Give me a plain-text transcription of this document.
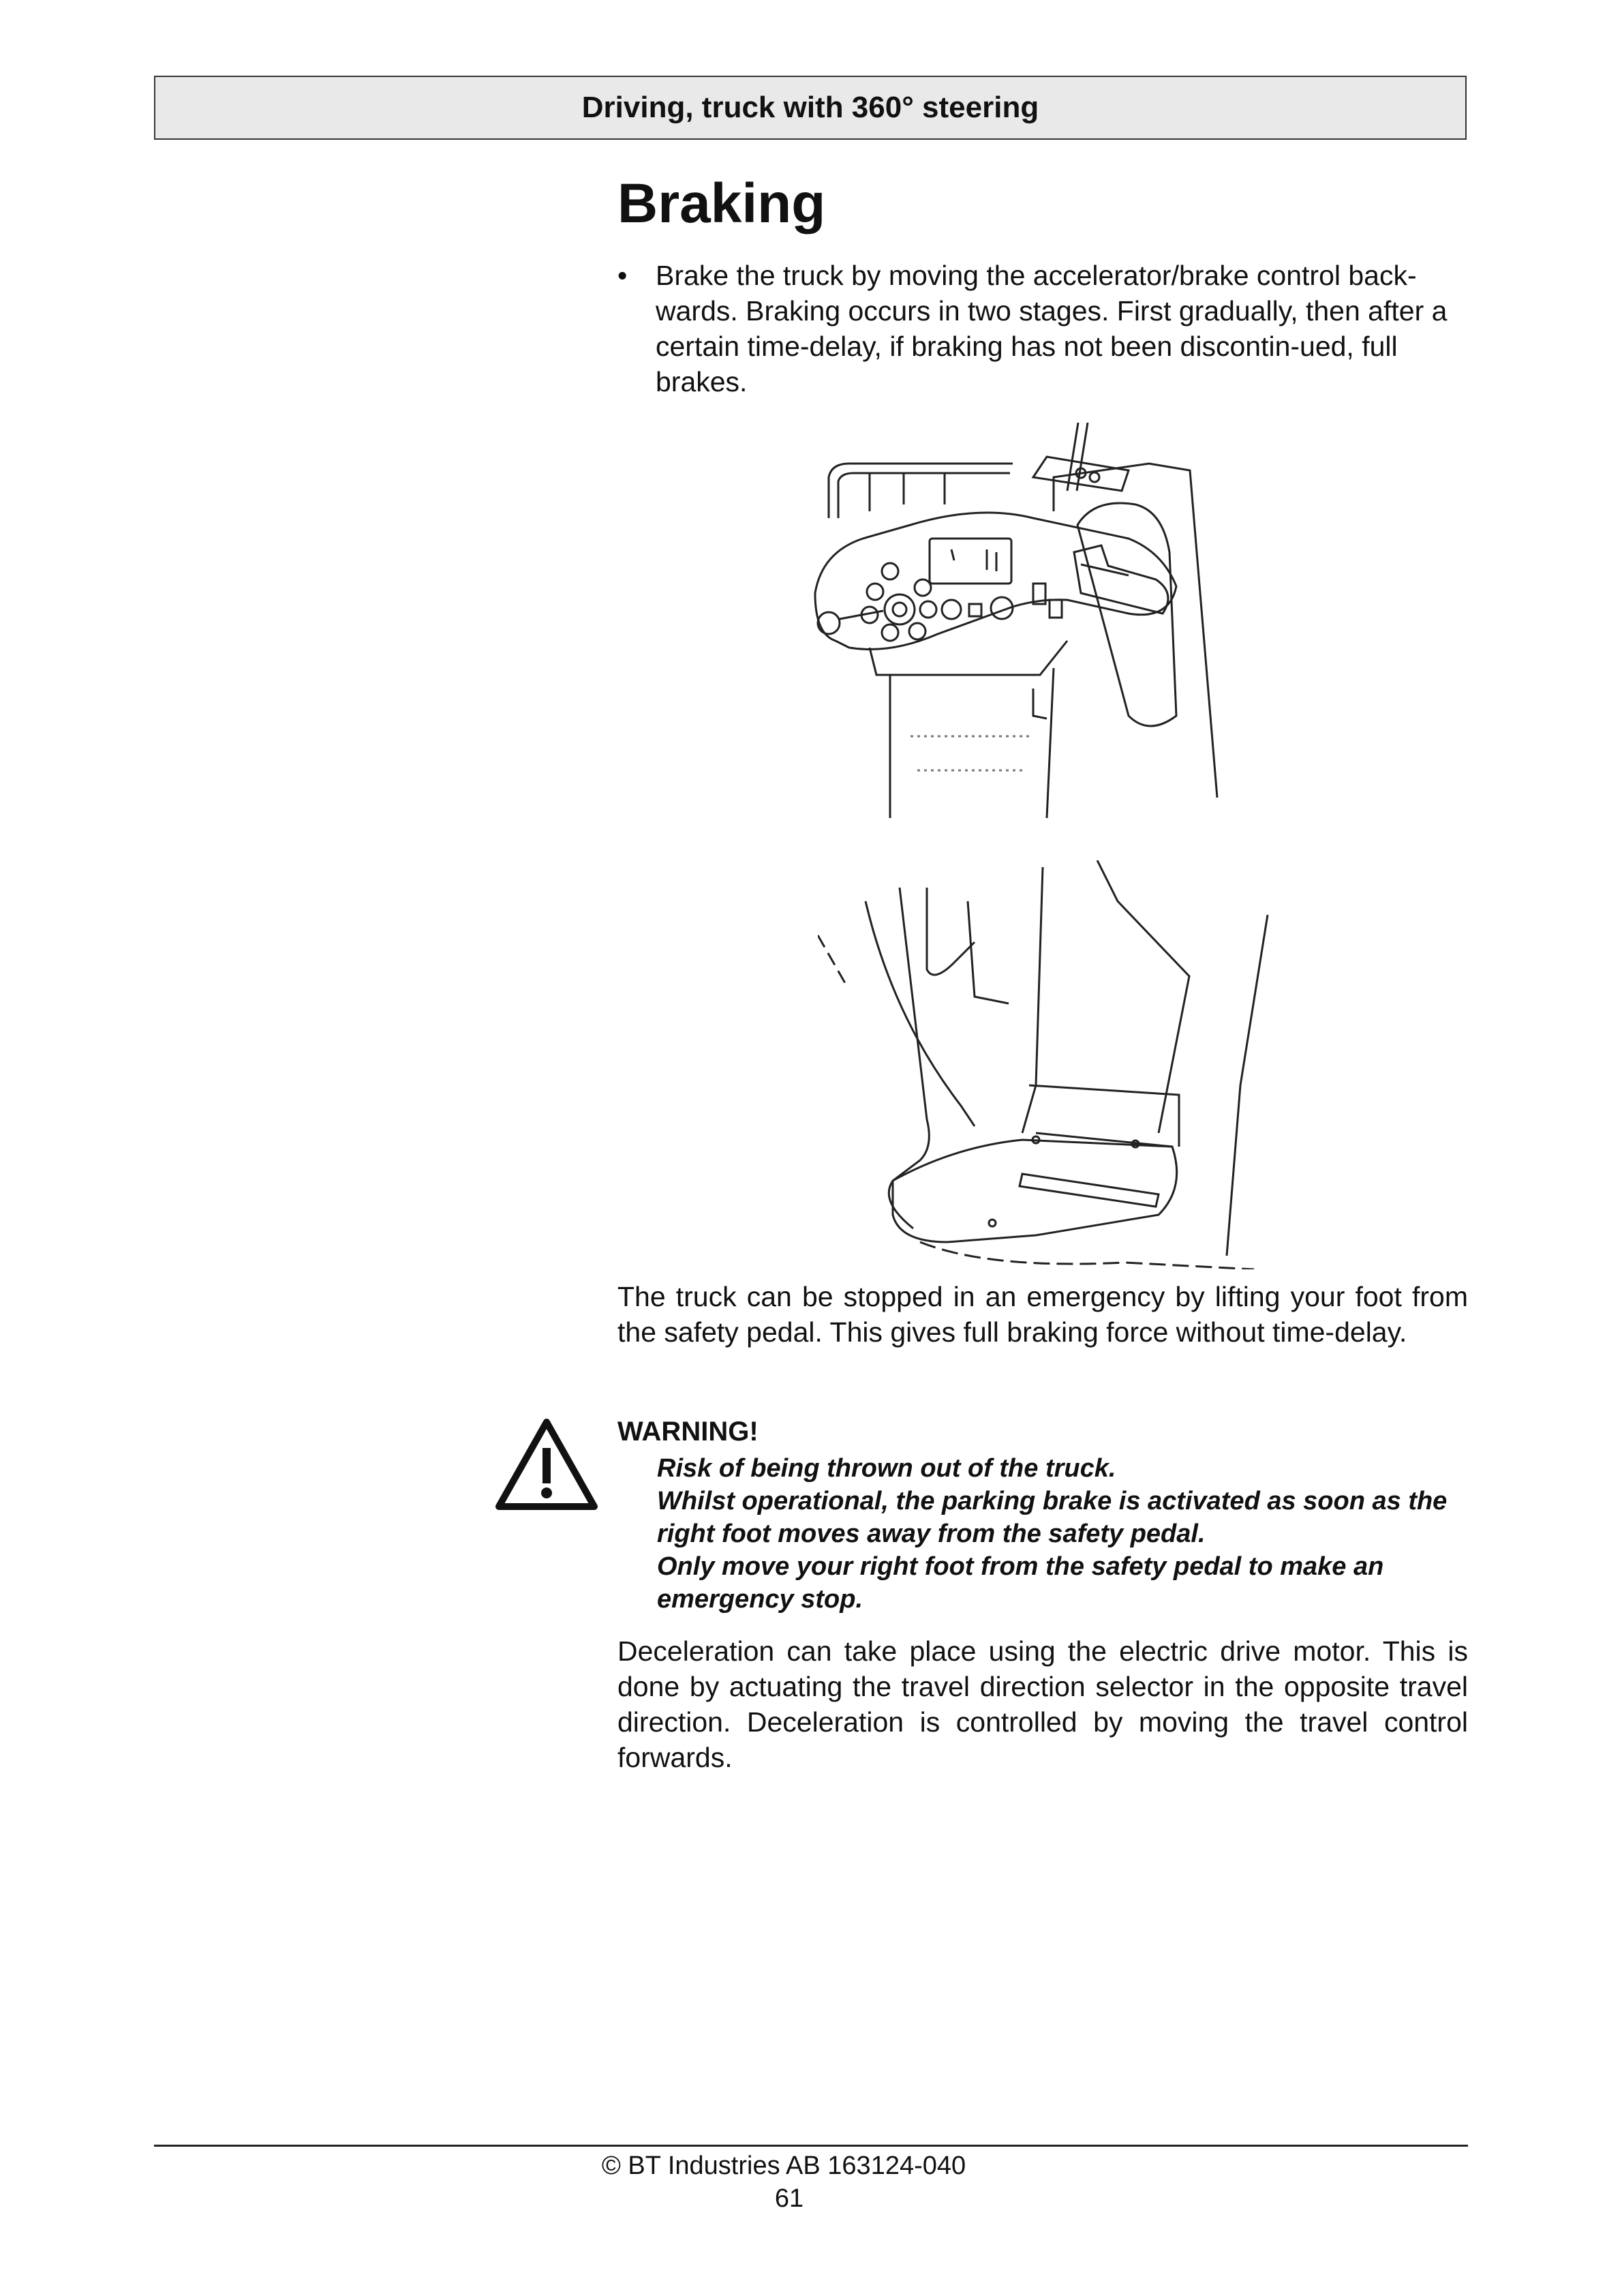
Driving, truck with 360° steering
Braking
• Brake the truck by moving the accelerator/brake control back-wards. Braking occurs in two stages. First gradually, then after a certain time-delay, if braking has not been discontin-ued, full brakes.

The truck can be stopped in an emergency by lifting your foot from the safety pedal. This gives full braking force without time-delay.

WARNING!

Risk of being thrown out of the truck.
Whilst operational, the parking brake is activated as soon as the right foot moves away from the safety pedal.
Only move your right foot from the safety pedal to make an emergency stop.

Deceleration can take place using the electric drive motor. This is done by actuating the travel direction selector in the opposite travel direction. Deceleration is controlled by moving the travel control forwards.

© BT Industries AB 163124-040
61
